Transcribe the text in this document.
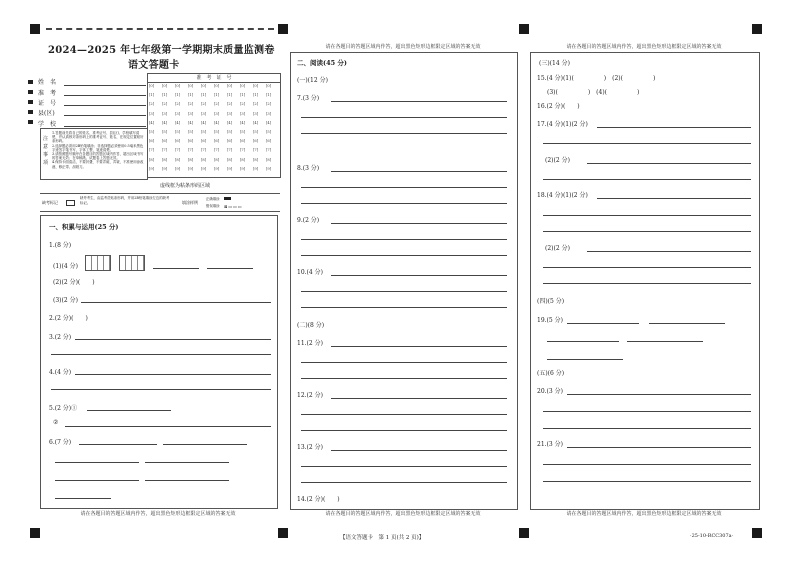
2024—2025 年七年级第一学期期末质量监测卷
语文答题卡
姓　名
准　考
证　号
县(区)
学　校
准　考　证　号
[0]
[1]
[2]
[3]
[4]
[5]
[6]
[7]
[8]
[9]
[0]
[1]
[2]
[3]
[4]
[5]
[6]
[7]
[8]
[9]
[0]
[1]
[2]
[3]
[4]
[5]
[6]
[7]
[8]
[9]
[0]
[1]
[2]
[3]
[4]
[5]
[6]
[7]
[8]
[9]
[0]
[1]
[2]
[3]
[4]
[5]
[6]
[7]
[8]
[9]
[0]
[1]
[2]
[3]
[4]
[5]
[6]
[7]
[8]
[9]
[0]
[1]
[2]
[3]
[4]
[5]
[6]
[7]
[8]
[9]
[0]
[1]
[2]
[3]
[4]
[5]
[6]
[7]
[8]
[9]
[0]
[1]
[2]
[3]
[4]
[5]
[6]
[7]
[8]
[9]
[0]
[1]
[2]
[3]
[4]
[5]
[6]
[7]
[8]
[9]
注意事项
1.答题前先将自己的姓名、准考证号、县(区)、学校填写清楚，并认真核对条形码上的准考证号、姓名，在规定位置贴好条形码。
2.选择题必须用2B铅笔填涂；非选择题必须使用0.5毫米黑色字迹签字笔书写，字体工整，笔迹清楚。
3.请按照题号顺序在各题目的答题区域内作答，超出区域书写的答案无效；在草稿纸、试题卷上答题无效。
4.保持卡面清洁，不要折叠，不要弄破、弄皱，不准使用涂改液、修正带、刮纸刀。
虚线框为粘条形码区域
缺考标记
缺考考生，由监考员贴条形码，并用2B铅笔填涂左边的缺考标记。	填涂样例
正确填涂
错误填涂 ⊠▭▭▭
一、积累与运用(25 分)
1.(8 分)
(1)(4 分)
(2)(2 分)(　　)
(3)(2 分)
2.(2 分)(　　)
3.(2 分)
4.(4 分)
5.(2 分)①
②
6.(7 分)
请在各题目的答题区域内作答，超出黑色矩形边框限定区域的答案无效
请在各题目的答题区域内作答，超出黑色矩形边框限定区域的答案无效
二、阅读(45 分)
(一)(12 分)
7.(3 分)
8.(3 分)
9.(2 分)
10.(4 分)
(二)(8 分)
11.(2 分)
12.(2 分)
13.(2 分)
14.(2 分)(　　)
请在各题目的答题区域内作答，超出黑色矩形边框限定区域的答案无效
请在各题目的答题区域内作答，超出黑色矩形边框限定区域的答案无效
(三)(14 分)
15.(4 分)(1)(　　　　　)　(2)(　　　　　)
(3)(　　　　　)　(4)(　　　　　)
16.(2 分)(　　)
17.(4 分)(1)(2 分)
(2)(2 分)
18.(4 分)(1)(2 分)
(2)(2 分)
(四)(5 分)
19.(5 分)
(五)(6 分)
20.(3 分)
21.(3 分)
请在各题目的答题区域内作答，超出黑色矩形边框限定区域的答案无效
【语文答题卡　第 1 页(共 2 页)】	·25-10-RCC307a·
